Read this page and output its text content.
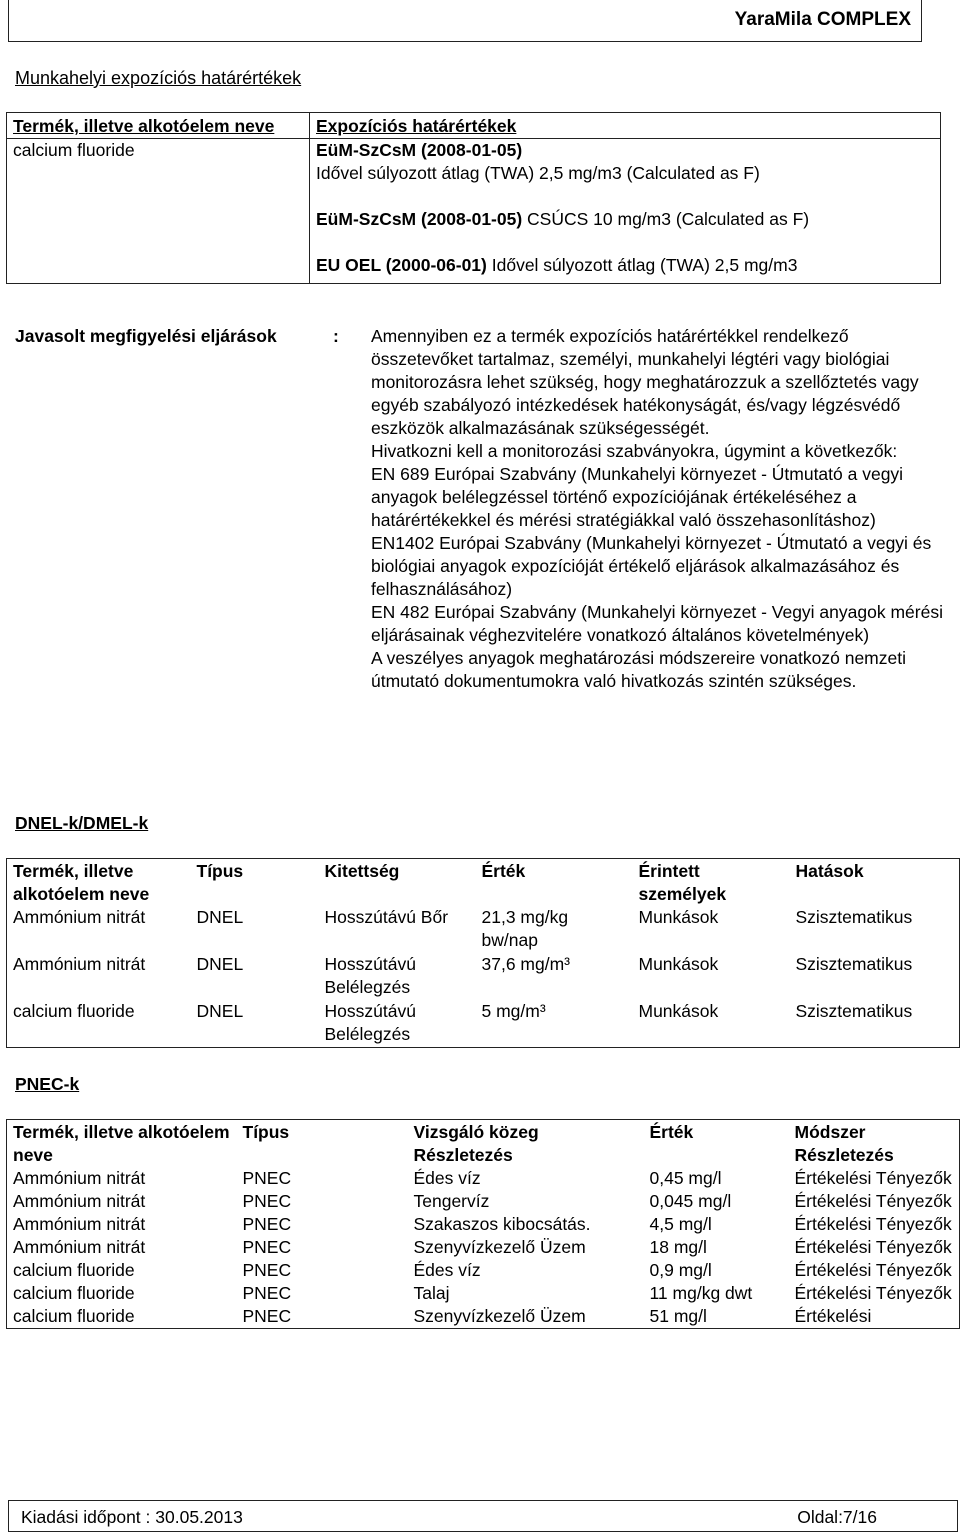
YaraMila COMPLEX
Munkahelyi expozíciós határértékek
Termék, illetve alkotóelem neve	Expozíciós határértékek
calcium fluoride	EüM-SzCsM (2008-01-05)
Idővel súlyozott átlag (TWA) 2,5 mg/m3 (Calculated as F)
EüM-SzCsM (2008-01-05) CSÚCS 10 mg/m3 (Calculated as F)
EU OEL (2000-06-01) Idővel súlyozott átlag (TWA) 2,5 mg/m3
Javasolt megfigyelési eljárások	: Amennyiben ez a termék expozíciós határértékkel rendelkező összetevőket tartalmaz, személyi, munkahelyi légtéri vagy biológiai monitorozásra lehet szükség, hogy meghatározzuk a szellőztetés vagy egyéb szabályozó intézkedések hatékonyságát, és/vagy légzésvédő eszközök alkalmazásának szükségességét.

Hivatkozni kell a monitorozási szabványokra, úgymint a következők:

EN 689 Európai Szabvány (Munkahelyi környezet - Útmutató a vegyi anyagok belélegzéssel történő expozíciójának értékeléséhez a határértékekkel és mérési stratégiákkal való összehasonlításhoz)

EN1402 Európai Szabvány (Munkahelyi környezet - Útmutató a vegyi és biológiai anyagok expozícióját értékelő eljárások alkalmazásához és felhasználásához)

EN 482 Európai Szabvány (Munkahelyi környezet - Vegyi anyagok mérési eljárásainak véghezvitelére vonatkozó általános követelmények)

A veszélyes anyagok meghatározási módszereire vonatkozó nemzeti útmutató dokumentumokra való hivatkozás szintén szükséges.

DNEL-k/DMEL-k
Termék, illetve alkotóelem neve	Típus	Kitettség	Érték	Érintett személyek	Hatások
Ammónium nitrát	DNEL	Hosszútávú Bőr	21,3 mg/kg bw/nap	Munkások	Szisztematikus
Ammónium nitrát	DNEL	Hosszútávú Belélegzés	37,6 mg/m³	Munkások	Szisztematikus
calcium fluoride	DNEL	Hosszútávú Belélegzés	5 mg/m³	Munkások	Szisztematikus
PNEC-k
Termék, illetve alkotóelem neve	Típus	Vizsgáló közeg Részletezés	Érték	Módszer Részletezés
Ammónium nitrát	PNEC	Édes víz	0,45 mg/l	Értékelési Tényezők
Ammónium nitrát	PNEC	Tengervíz	0,045 mg/l	Értékelési Tényezők
Ammónium nitrát	PNEC	Szakaszos kibocsátás.	4,5 mg/l	Értékelési Tényezők
Ammónium nitrát	PNEC	Szenyvízkezelő Üzem	18 mg/l	Értékelési Tényezők
calcium fluoride	PNEC	Édes víz	0,9 mg/l	Értékelési Tényezők
calcium fluoride	PNEC	Talaj	11 mg/kg dwt	Értékelési Tényezők
calcium fluoride	PNEC	Szenyvízkezelő Üzem	51 mg/l	Értékelési
Kiadási időpont : 30.05.2013	Oldal:7/16
